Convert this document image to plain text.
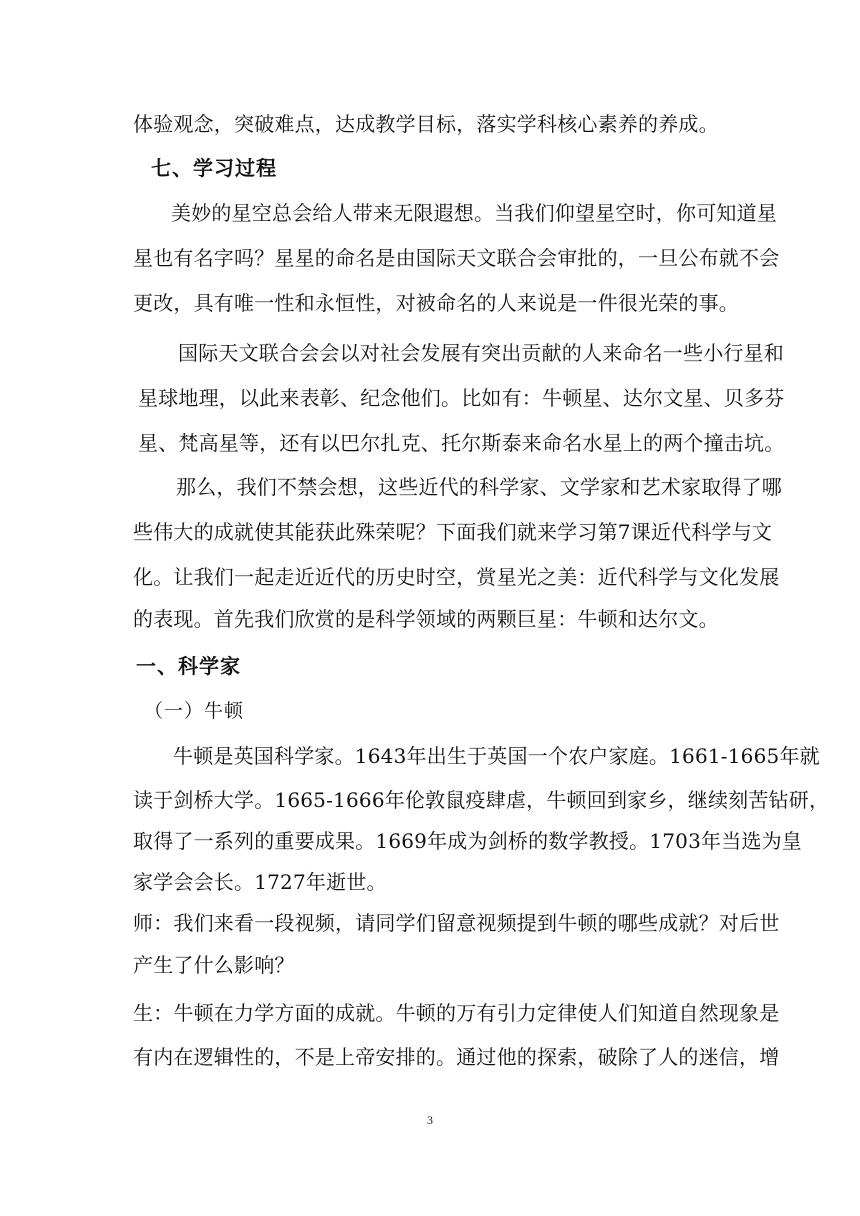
体验观念，突破难点，达成教学目标，落实学科核心素养的养成。
七、学习过程
美妙的星空总会给人带来无限遐想。当我们仰望星空时，你可知道星
星也有名字吗？星星的命名是由国际天文联合会审批的，一旦公布就不会
更改，具有唯一性和永恒性，对被命名的人来说是一件很光荣的事。
国际天文联合会会以对社会发展有突出贡献的人来命名一些小行星和
星球地理，以此来表彰、纪念他们。比如有：牛顿星、达尔文星、贝多芬
星、梵高星等，还有以巴尔扎克、托尔斯泰来命名水星上的两个撞击坑。
那么，我们不禁会想，这些近代的科学家、文学家和艺术家取得了哪
些伟大的成就使其能获此殊荣呢？下面我们就来学习第7课近代科学与文
化。让我们一起走近近代的历史时空，赏星光之美：近代科学与文化发展
的表现。首先我们欣赏的是科学领域的两颗巨星：牛顿和达尔文。
一、科学家
（一）牛顿
牛顿是英国科学家。1643年出生于英国一个农户家庭。1661-1665年就
读于剑桥大学。1665-1666年伦敦鼠疫肆虐，牛顿回到家乡，继续刻苦钻研，
取得了一系列的重要成果。1669年成为剑桥的数学教授。1703年当选为皇
家学会会长。1727年逝世。
师：我们来看一段视频，请同学们留意视频提到牛顿的哪些成就？对后世
产生了什么影响？
生：牛顿在力学方面的成就。牛顿的万有引力定律使人们知道自然现象是
有内在逻辑性的，不是上帝安排的。通过他的探索，破除了人的迷信，增
3
